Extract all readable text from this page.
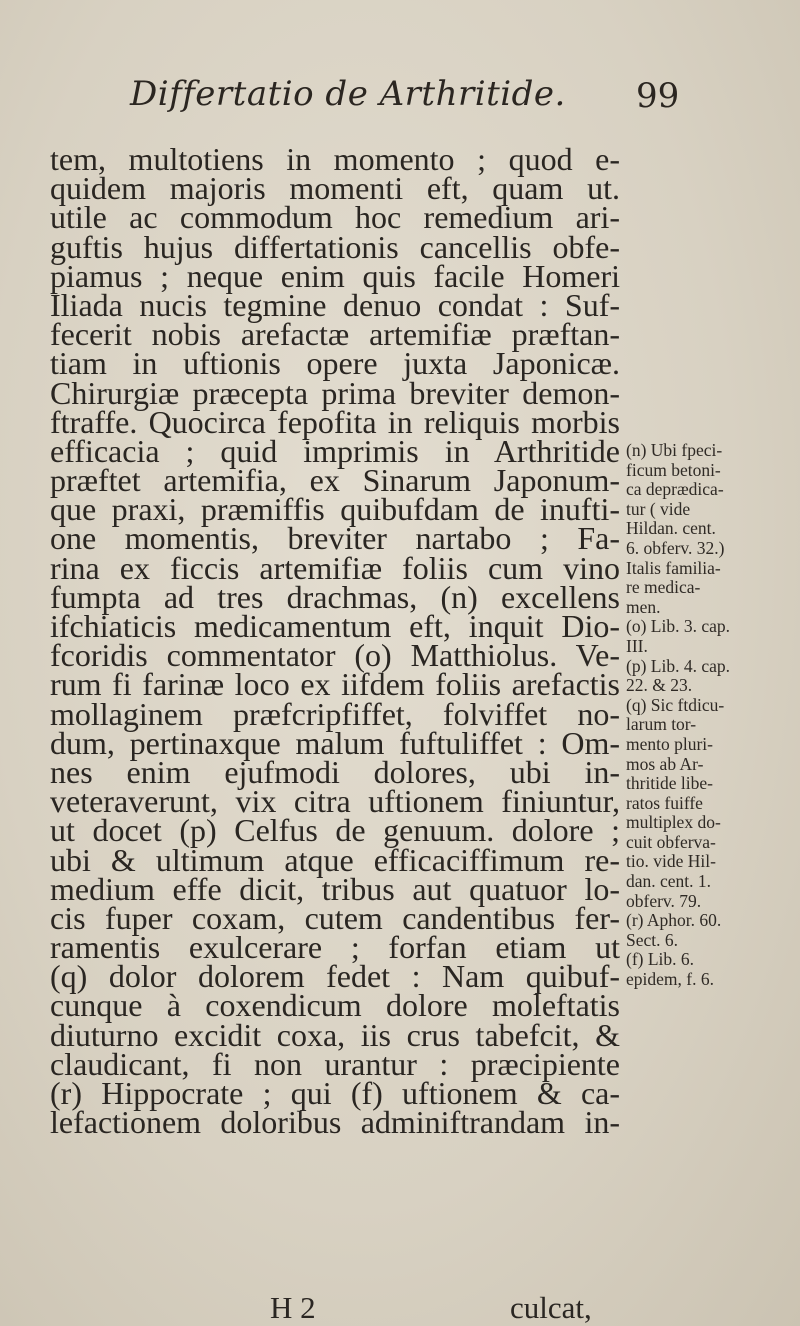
Differtatio de Arthritide. 99
tem, multotiens in momento ; quod e-
quidem majoris momenti eft, quam ut.
utile ac commodum hoc remedium ari-
guftis hujus differtationis cancellis obfe-
piamus ; neque enim quis facile Homeri
Iliada nucis tegmine denuo condat : Suf-
fecerit nobis arefactæ artemifiæ præftan-
tiam in uftionis opere juxta Japonicæ.
Chirurgiæ præcepta prima breviter demon-
ftraffe. Quocirca fepofita in reliquis morbis
efficacia ; quid imprimis in Arthritide
præftet artemifia, ex Sinarum Japonum-
que praxi, præmiffis quibufdam de inufti-
one momentis, breviter nartabo ; Fa-
rina ex ficcis artemifiæ foliis cum vino
fumpta ad tres drachmas, (n) excellens
ifchiaticis medicamentum eft, inquit Dio-
fcoridis commentator (o) Matthiolus. Ve-
rum fi farinæ loco ex iifdem foliis arefactis
mollaginem præfcripfiffet, folviffet no-
dum, pertinaxque malum fuftuliffet : Om-
nes enim ejufmodi dolores, ubi in-
veteraverunt, vix citra uftionem finiuntur,
ut docet (p) Celfus de genuum. dolore ;
ubi & ultimum atque efficaciffimum re-
medium effe dicit, tribus aut quatuor lo-
cis fuper coxam, cutem candentibus fer-
ramentis exulcerare ; forfan etiam ut
(q) dolor dolorem fedet : Nam quibuf-
cunque à coxendicum dolore moleftatis
diuturno excidit coxa, iis crus tabefcit, &
claudicant, fi non urantur : præcipiente
(r) Hippocrate ; qui (f) uftionem & ca-
lefactionem doloribus adminiftrandam in-
H 2	culcat,
(n) Ubi fpeci-
ficum betoni-
ca deprædica-
tur ( vide
Hildan. cent.
6. obferv. 32.)
Italis familia-
re medica-
men.
(o) Lib. 3. cap.
III.
(p) Lib. 4. cap.
22. & 23.
(q) Sic ftdicu-
larum tor-
mento pluri-
mos ab Ar-
thritide libe-
ratos fuiffe
multiplex do-
cuit obferva-
tio. vide Hil-
dan. cent. 1.
obferv. 79.
(r) Aphor. 60.
Sect. 6.
(f) Lib. 6.
epidem, f. 6.
